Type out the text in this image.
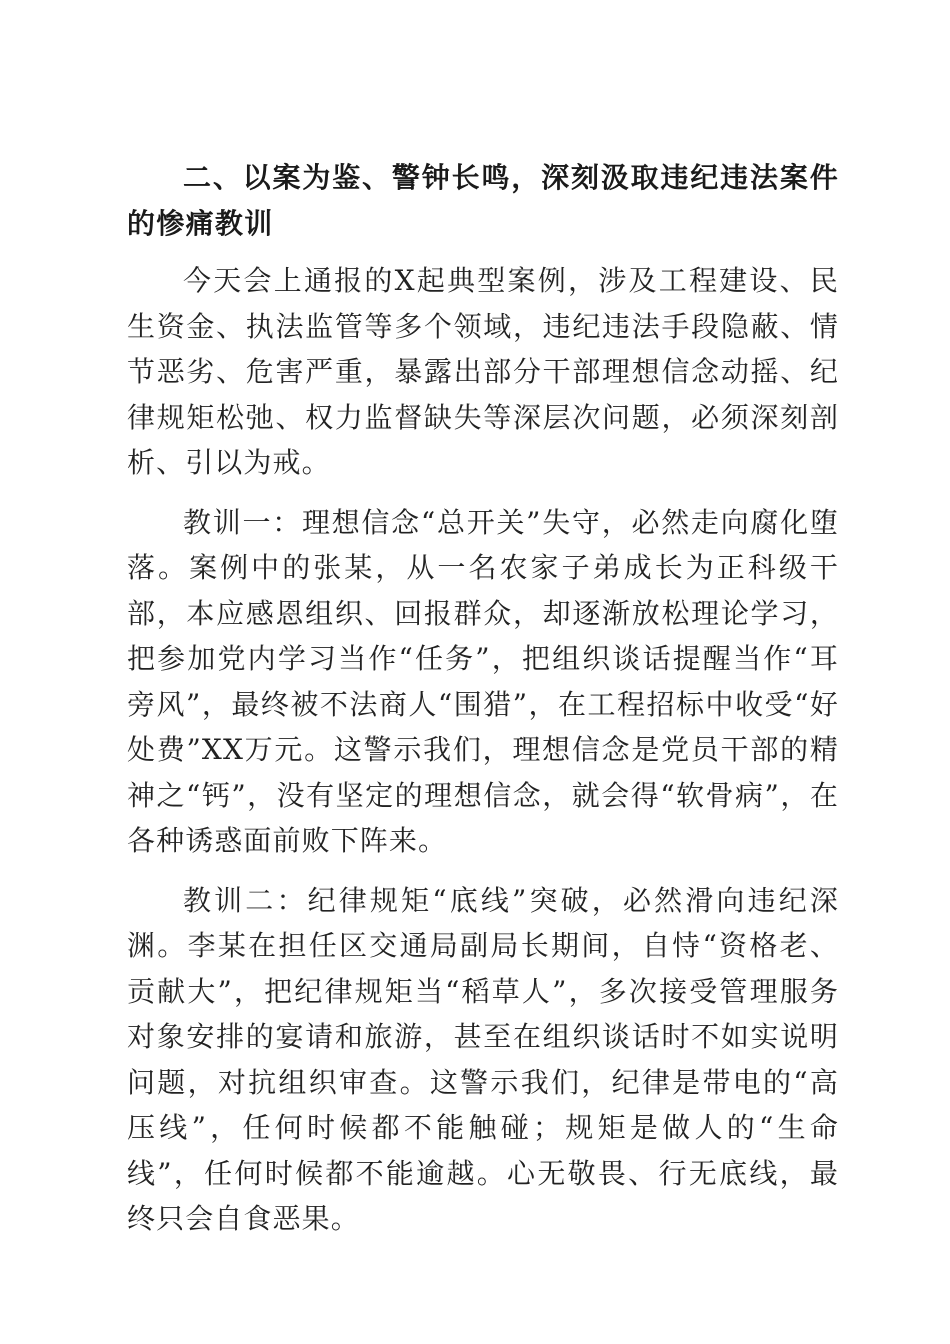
二、以案为鉴、警钟长鸣，深刻汲取违纪违法案件的惨痛教训

今天会上通报的X起典型案例，涉及工程建设、民生资金、执法监管等多个领域，违纪违法手段隐蔽、情节恶劣、危害严重，暴露出部分干部理想信念动摇、纪律规矩松弛、权力监督缺失等深层次问题，必须深刻剖析、引以为戒。

教训一：理想信念“总开关”失守，必然走向腐化堕落。案例中的张某，从一名农家子弟成长为正科级干部，本应感恩组织、回报群众，却逐渐放松理论学习，把参加党内学习当作“任务”，把组织谈话提醒当作“耳旁风”，最终被不法商人“围猎”，在工程招标中收受“好处费”XX万元。这警示我们，理想信念是党员干部的精神之“钙”，没有坚定的理想信念，就会得“软骨病”，在各种诱惑面前败下阵来。

教训二：纪律规矩“底线”突破，必然滑向违纪深渊。李某在担任区交通局副局长期间，自恃“资格老、贡献大”，把纪律规矩当“稻草人”，多次接受管理服务对象安排的宴请和旅游，甚至在组织谈话时不如实说明问题，对抗组织审查。这警示我们，纪律是带电的“高压线”，任何时候都不能触碰；规矩是做人的“生命线”，任何时候都不能逾越。心无敬畏、行无底线，最终只会自食恶果。
